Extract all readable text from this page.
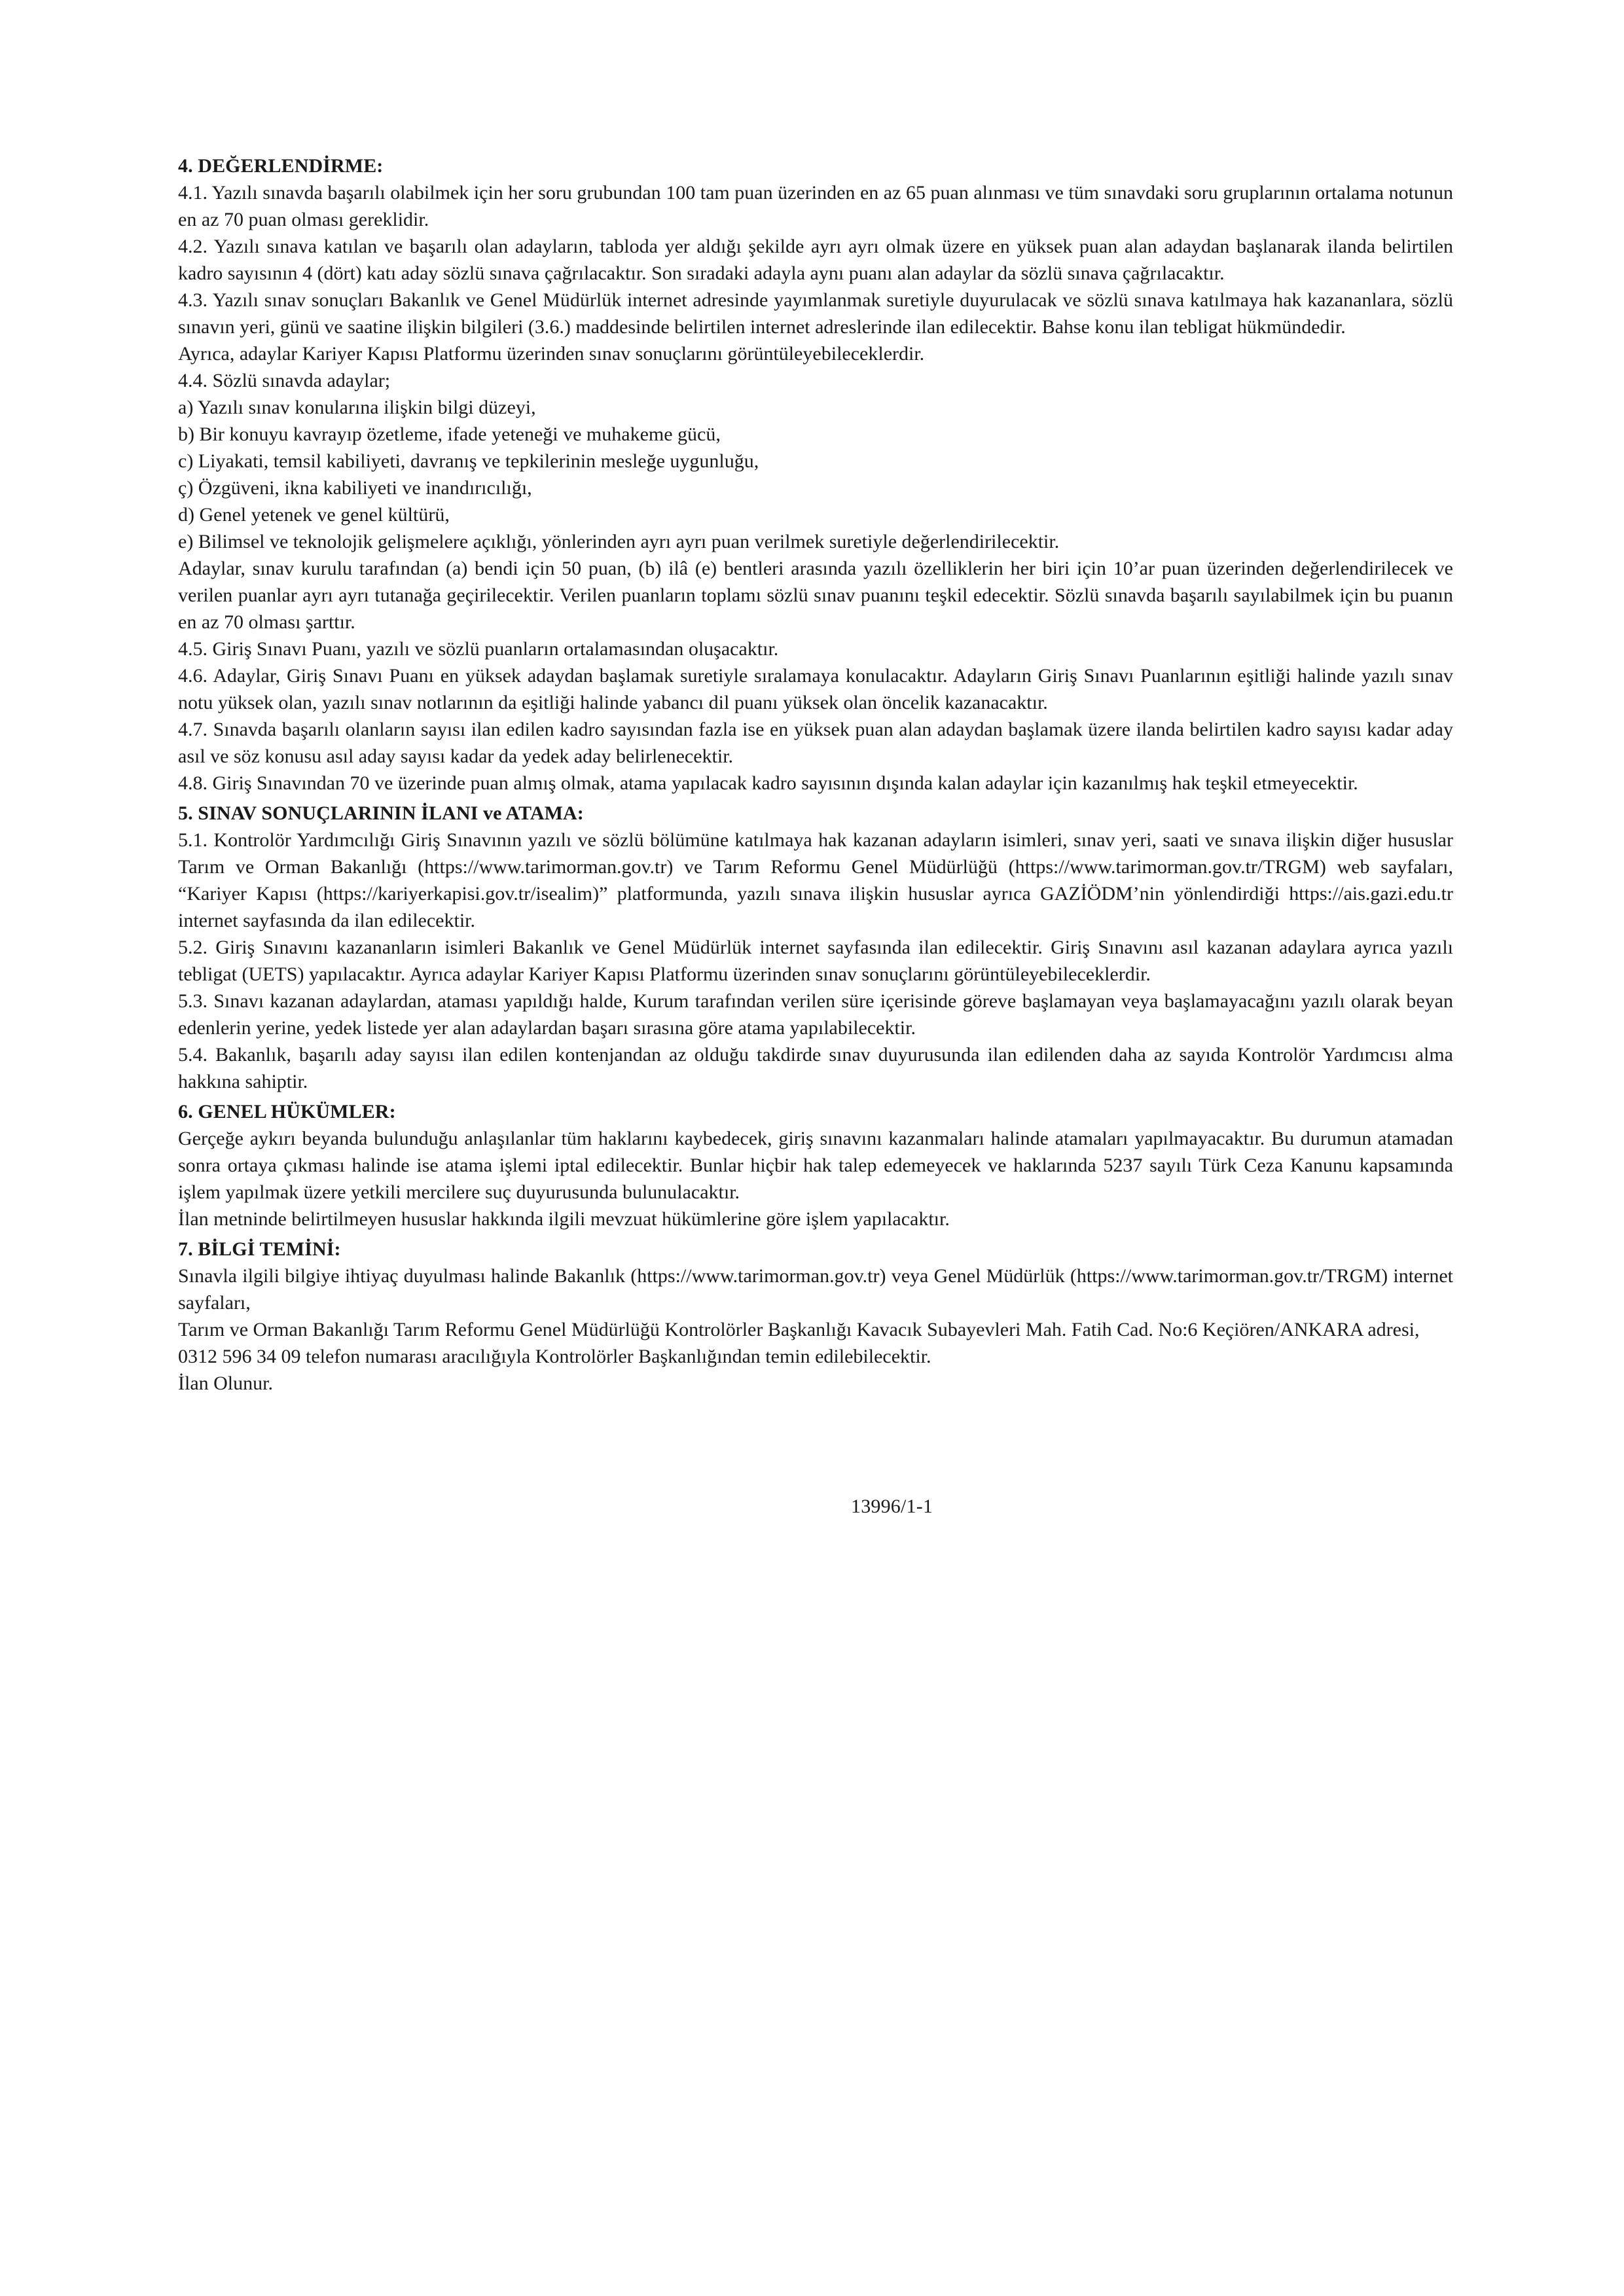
4. DEĞERLENDİRME:

4.1. Yazılı sınavda başarılı olabilmek için her soru grubundan 100 tam puan üzerinden en az 65 puan alınması ve tüm sınavdaki soru gruplarının ortalama notunun en az 70 puan olması gereklidir.

4.2. Yazılı sınava katılan ve başarılı olan adayların, tabloda yer aldığı şekilde ayrı ayrı olmak üzere en yüksek puan alan adaydan başlanarak ilanda belirtilen kadro sayısının 4 (dört) katı aday sözlü sınava çağrılacaktır. Son sıradaki adayla aynı puanı alan adaylar da sözlü sınava çağrılacaktır.

4.3. Yazılı sınav sonuçları Bakanlık ve Genel Müdürlük internet adresinde yayımlanmak suretiyle duyurulacak ve sözlü sınava katılmaya hak kazananlara, sözlü sınavın yeri, günü ve saatine ilişkin bilgileri (3.6.) maddesinde belirtilen internet adreslerinde ilan edilecektir. Bahse konu ilan tebligat hükmündedir.

Ayrıca, adaylar Kariyer Kapısı Platformu üzerinden sınav sonuçlarını görüntüleyebileceklerdir.

4.4. Sözlü sınavda adaylar;

a) Yazılı sınav konularına ilişkin bilgi düzeyi,

b) Bir konuyu kavrayıp özetleme, ifade yeteneği ve muhakeme gücü,

c) Liyakati, temsil kabiliyeti, davranış ve tepkilerinin mesleğe uygunluğu,

ç) Özgüveni, ikna kabiliyeti ve inandırıcılığı,

d) Genel yetenek ve genel kültürü,

e) Bilimsel ve teknolojik gelişmelere açıklığı, yönlerinden ayrı ayrı puan verilmek suretiyle değerlendirilecektir.

Adaylar, sınav kurulu tarafından (a) bendi için 50 puan, (b) ilâ (e) bentleri arasında yazılı özelliklerin her biri için 10’ar puan üzerinden değerlendirilecek ve verilen puanlar ayrı ayrı tutanağa geçirilecektir. Verilen puanların toplamı sözlü sınav puanını teşkil edecektir. Sözlü sınavda başarılı sayılabilmek için bu puanın en az 70 olması şarttır.

4.5. Giriş Sınavı Puanı, yazılı ve sözlü puanların ortalamasından oluşacaktır.

4.6. Adaylar, Giriş Sınavı Puanı en yüksek adaydan başlamak suretiyle sıralamaya konulacaktır. Adayların Giriş Sınavı Puanlarının eşitliği halinde yazılı sınav notu yüksek olan, yazılı sınav notlarının da eşitliği halinde yabancı dil puanı yüksek olan öncelik kazanacaktır.

4.7. Sınavda başarılı olanların sayısı ilan edilen kadro sayısından fazla ise en yüksek puan alan adaydan başlamak üzere ilanda belirtilen kadro sayısı kadar aday asıl ve söz konusu asıl aday sayısı kadar da yedek aday belirlenecektir.

4.8. Giriş Sınavından 70 ve üzerinde puan almış olmak, atama yapılacak kadro sayısının dışında kalan adaylar için kazanılmış hak teşkil etmeyecektir.

5. SINAV SONUÇLARININ İLANI ve ATAMA:

5.1. Kontrolör Yardımcılığı Giriş Sınavının yazılı ve sözlü bölümüne katılmaya hak kazanan adayların isimleri, sınav yeri, saati ve sınava ilişkin diğer hususlar Tarım ve Orman Bakanlığı (https://www.tarimorman.gov.tr) ve Tarım Reformu Genel Müdürlüğü (https://www.tarimorman.gov.tr/TRGM) web sayfaları, “Kariyer Kapısı (https://kariyerkapisi.gov.tr/isealim)” platformunda, yazılı sınava ilişkin hususlar ayrıca GAZİÖDM’nin yönlendirdiği https://ais.gazi.edu.tr internet sayfasında da ilan edilecektir.

5.2. Giriş Sınavını kazananların isimleri Bakanlık ve Genel Müdürlük internet sayfasında ilan edilecektir. Giriş Sınavını asıl kazanan adaylara ayrıca yazılı tebligat (UETS) yapılacaktır. Ayrıca adaylar Kariyer Kapısı Platformu üzerinden sınav sonuçlarını görüntüleyebileceklerdir.

5.3. Sınavı kazanan adaylardan, ataması yapıldığı halde, Kurum tarafından verilen süre içerisinde göreve başlamayan veya başlamayacağını yazılı olarak beyan edenlerin yerine, yedek listede yer alan adaylardan başarı sırasına göre atama yapılabilecektir.

5.4. Bakanlık, başarılı aday sayısı ilan edilen kontenjandan az olduğu takdirde sınav duyurusunda ilan edilenden daha az sayıda Kontrolör Yardımcısı alma hakkına sahiptir.

6. GENEL HÜKÜMLER:

Gerçeğe aykırı beyanda bulunduğu anlaşılanlar tüm haklarını kaybedecek, giriş sınavını kazanmaları halinde atamaları yapılmayacaktır. Bu durumun atamadan sonra ortaya çıkması halinde ise atama işlemi iptal edilecektir. Bunlar hiçbir hak talep edemeyecek ve haklarında 5237 sayılı Türk Ceza Kanunu kapsamında işlem yapılmak üzere yetkili mercilere suç duyurusunda bulunulacaktır.

İlan metninde belirtilmeyen hususlar hakkında ilgili mevzuat hükümlerine göre işlem yapılacaktır.

7. BİLGİ TEMİNİ:

Sınavla ilgili bilgiye ihtiyaç duyulması halinde Bakanlık (https://www.tarimorman.gov.tr) veya Genel Müdürlük (https://www.tarimorman.gov.tr/TRGM) internet sayfaları,

Tarım ve Orman Bakanlığı Tarım Reformu Genel Müdürlüğü Kontrolörler Başkanlığı Kavacık Subayevleri Mah. Fatih Cad. No:6 Keçiören/ANKARA adresi,

0312 596 34 09 telefon numarası aracılığıyla Kontrolörler Başkanlığından temin edilebilecektir.

İlan Olunur.

13996/1-1
